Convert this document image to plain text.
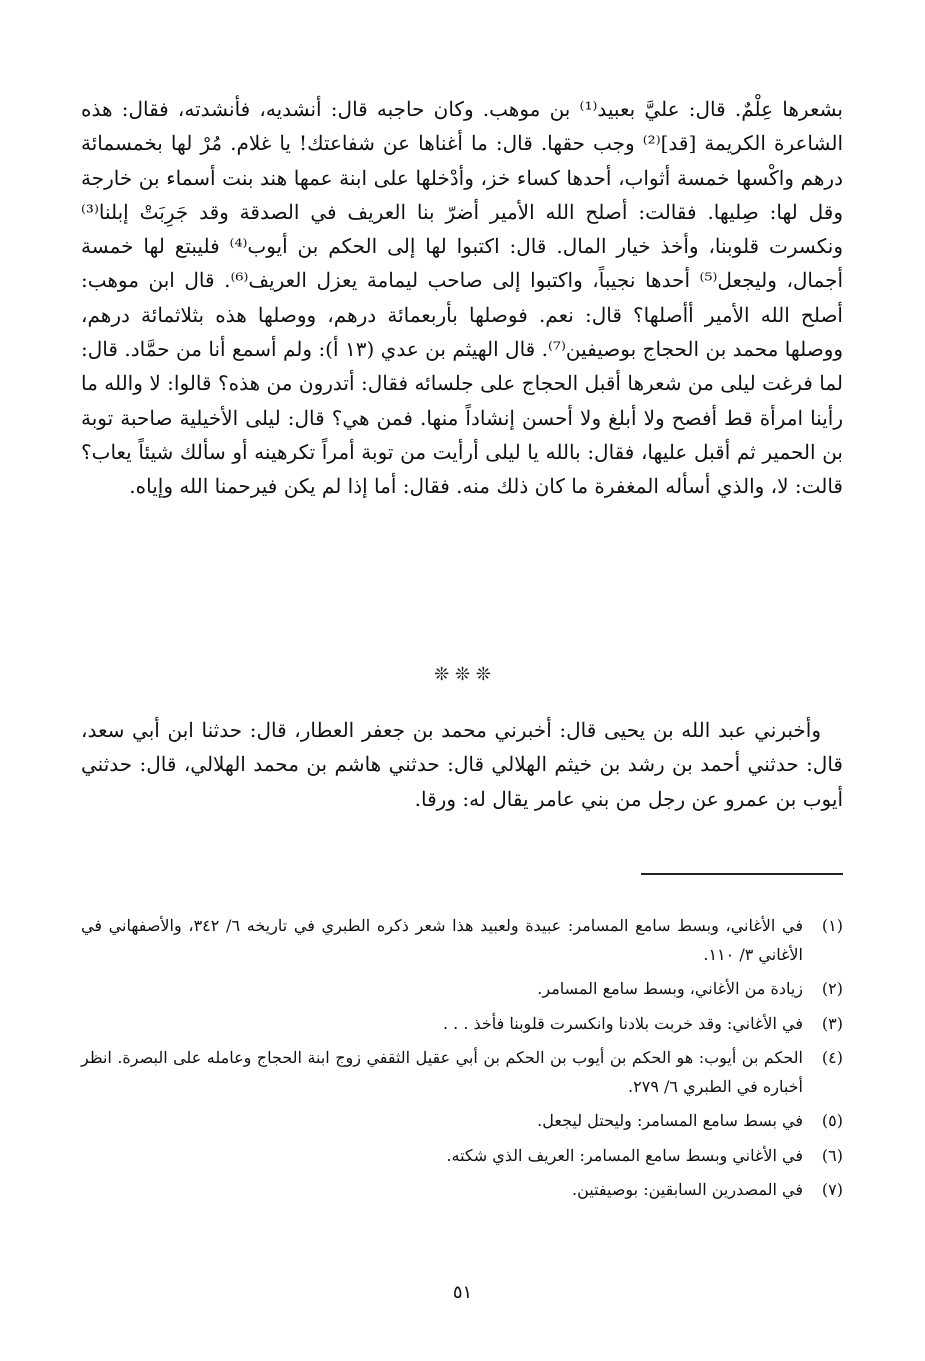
بشعرها عِلْمٌ. قال: عليَّ بعبيد⁽¹⁾ بن موهب. وكان حاجبه قال: أنشديه، فأنشدته، فقال: هذه الشاعرة الكريمة [قد]⁽²⁾ وجب حقها. قال: ما أغناها عن شفاعتك! يا غلام. مُرْ لها بخمسمائة درهم واكْسها خمسة أثواب، أحدها كساء خز، وأدْخلها على ابنة عمها هند بنت أسماء بن خارجة وقل لها: صِليها. فقالت: أصلح الله الأمير أضرّ بنا العريف في الصدقة وقد جَرِبَتْ إبلنا⁽³⁾ ونكسرت قلوبنا، وأخذ خيار المال. قال: اكتبوا لها إلى الحكم بن أيوب⁽⁴⁾ فليبتع لها خمسة أجمال، وليجعل⁽⁵⁾ أحدها نجيباً، واكتبوا إلى صاحب ليمامة يعزل العريف⁽⁶⁾. قال ابن موهب: أصلح الله الأمير أأصلها؟ قال: نعم. فوصلها بأربعمائة درهم، ووصلها هذه بثلاثمائة درهم، ووصلها محمد بن الحجاج بوصيفين⁽⁷⁾. قال الهيثم بن عدي (١٣ أ): ولم أسمع أنا من حمَّاد. قال: لما فرغت ليلى من شعرها أقبل الحجاج على جلسائه فقال: أتدرون من هذه؟ قالوا: لا والله ما رأينا امرأة قط أفصح ولا أبلغ ولا أحسن إنشاداً منها. فمن هي؟ قال: ليلى الأخيلية صاحبة توبة بن الحمير ثم أقبل عليها، فقال: بالله يا ليلى أرأيت من توبة أمراً تكرهينه أو سألك شيئاً يعاب؟ قالت: لا، والذي أسأله المغفرة ما كان ذلك منه. فقال: أما إذا لم يكن فيرحمنا الله وإياه.

❊ ❊ ❊

وأخبرني عبد الله بن يحيى قال: أخبرني محمد بن جعفر العطار، قال: حدثنا ابن أبي سعد، قال: حدثني أحمد بن رشد بن خيثم الهلالي قال: حدثني هاشم بن محمد الهلالي، قال: حدثني أيوب بن عمرو عن رجل من بني عامر يقال له: ورقا.

(١)
في الأغاني، وبسط سامع المسامر: عبيدة ولعبيد هذا شعر ذكره الطبري في تاريخه ٦/ ٣٤٢، والأصفهاني في الأغاني ٣/ ١١٠.
(٢)
زيادة من الأغاني، وبسط سامع المسامر.
(٣)
في الأغاني: وقد خربت بلادنا وانكسرت قلوبنا فأخذ . . .
(٤)
الحكم بن أيوب: هو الحكم بن أيوب بن الحكم بن أبي عقيل الثقفي زوج ابنة الحجاج وعامله على البصرة. انظر أخباره في الطبري ٦/ ٢٧٩.
(٥)
في بسط سامع المسامر: وليحتل ليجعل.
(٦)
في الأغاني وبسط سامع المسامر: العريف الذي شكته.
(٧)
في المصدرين السابقين: بوصيفتين.
٥١
